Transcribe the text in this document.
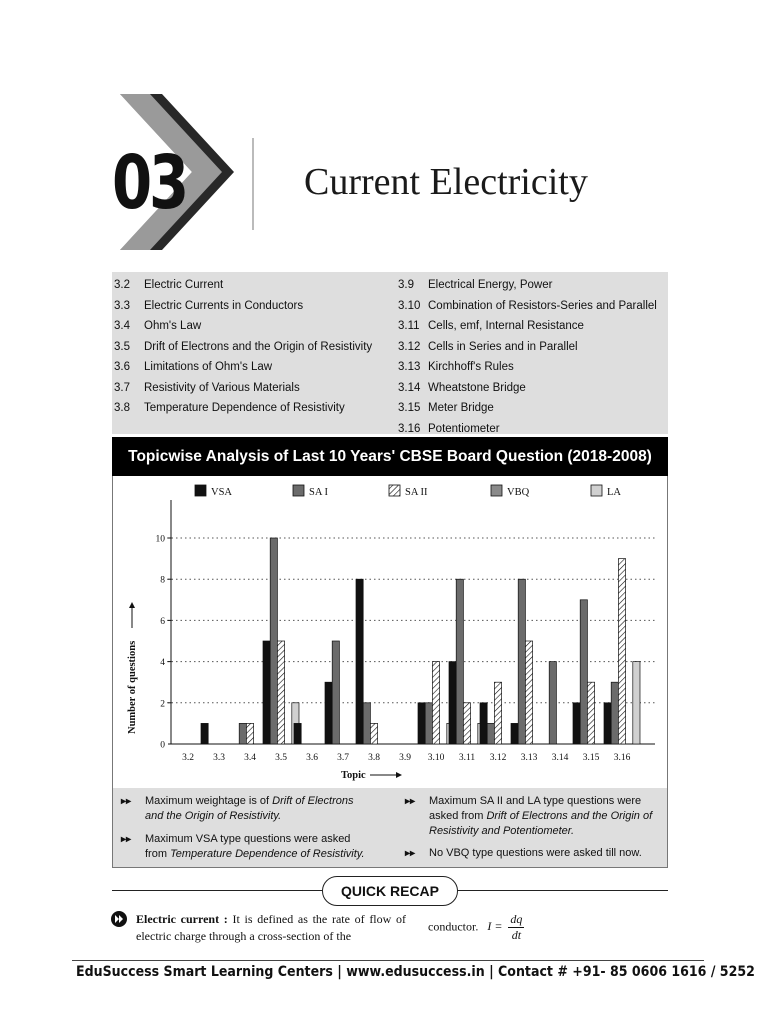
03	Current Electricity
3.2	Electric Current
3.3	Electric Currents in Conductors
3.4	Ohm's Law
3.5	Drift of Electrons and the Origin of Resistivity
3.6	Limitations of Ohm's Law
3.7	Resistivity of Various Materials
3.8	Temperature Dependence of Resistivity
3.9	Electrical Energy, Power
3.10 Combination of Resistors-Series and Parallel
3.11 Cells, emf, Internal Resistance
3.12 Cells in Series and in Parallel
3.13 Kirchhoff's Rules
3.14 Wheatstone Bridge
3.15 Meter Bridge
3.16 Potentiometer
Topicwise Analysis of Last 10 Years' CBSE Board Question (2018-2008)
VSA	SA I	SA II	VBQ	LA
0
2
4
6
8
10
3.2 3.3 3.4 3.5 3.6 3.7 3.8 3.9 3.10 3.11 3.12 3.13 3.14 3.15 3.16
Topic
Number of questions
▸▸	Maximum weightage is of Drift of Electrons and the Origin of Resistivity.
▸▸	Maximum VSA type questions were asked from Temperature Dependence of Resistivity.
▸▸	Maximum SA II and LA type questions were asked from Drift of Electrons and the Origin of Resistivity and Potentiometer.
▸▸	No VBQ type questions were asked till now.
QUICK RECAP
Electric current : It is defined as the rate of flow of electric charge through a cross-section of the
conductor. $I = \frac{dq}{dt}$
EduSuccess Smart Learning Centers | www.edusuccess.in | Contact # +91- 85 0606 1616 / 5252
